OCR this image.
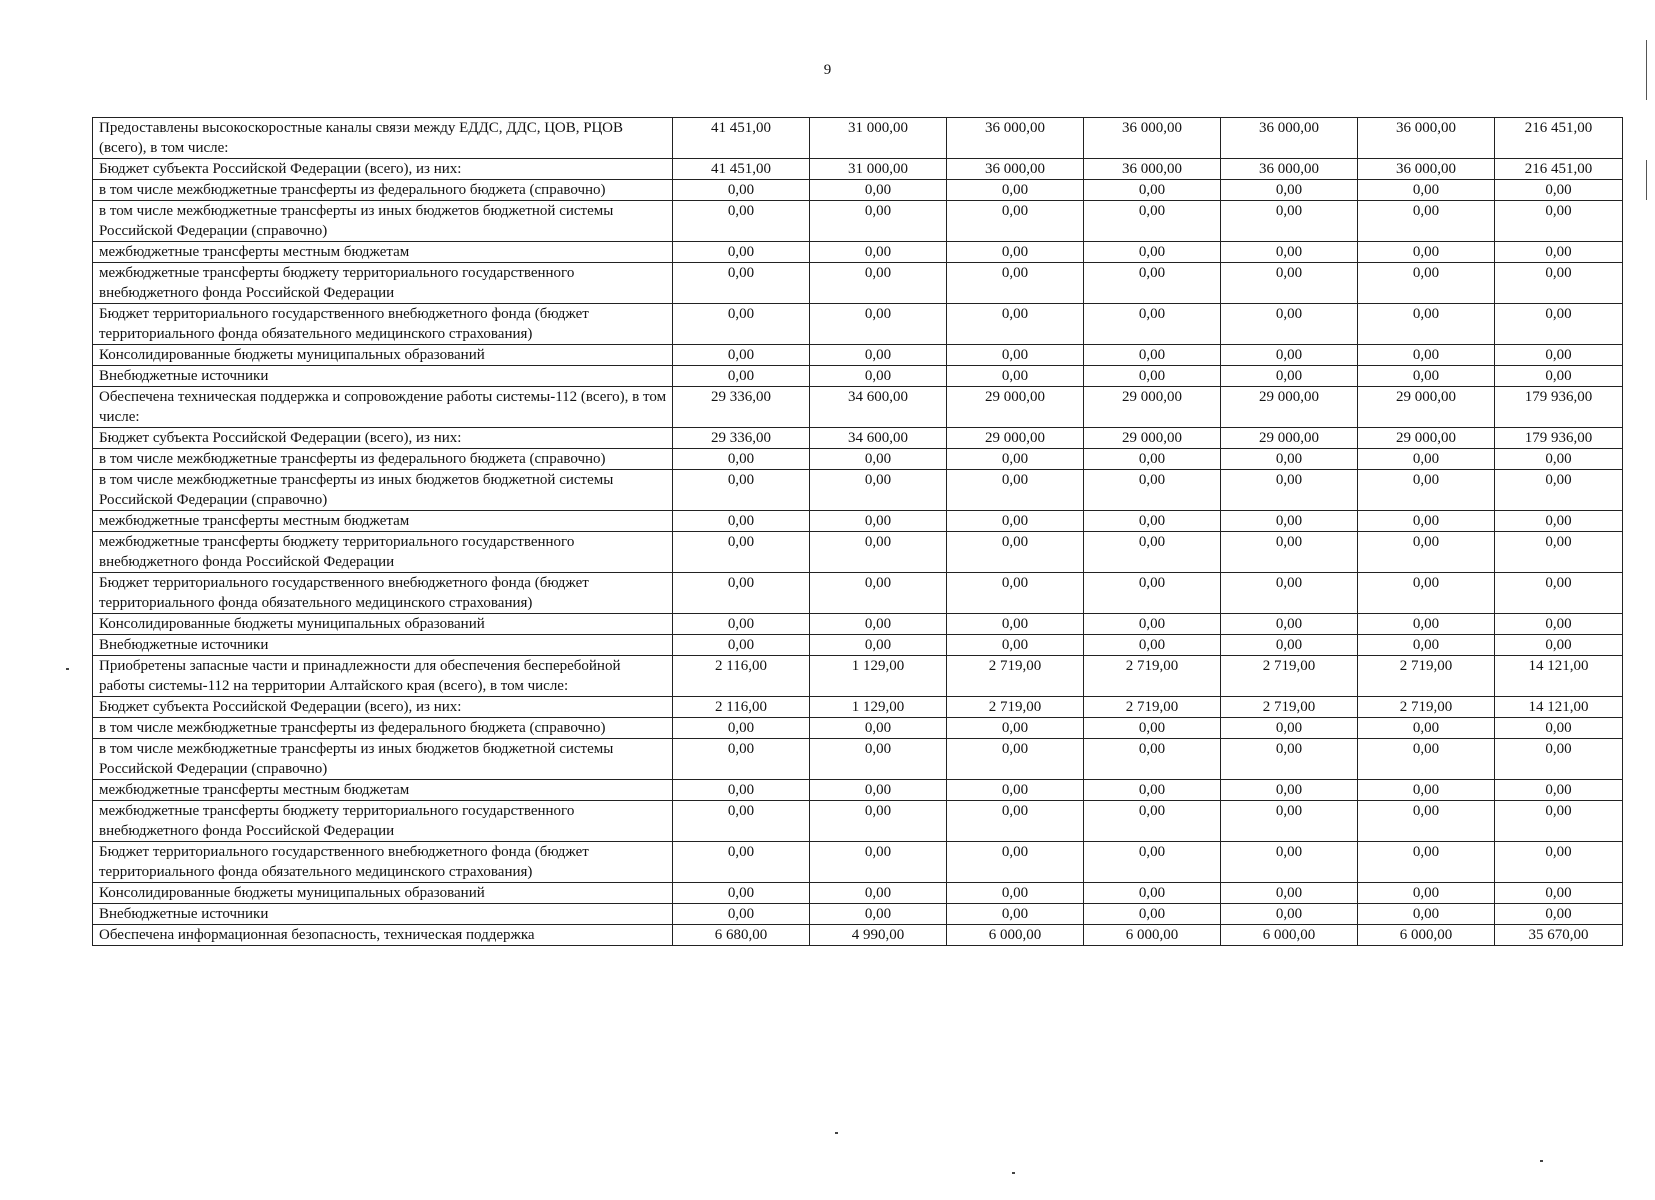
9
Предоставлены высокоскоростные каналы связи между ЕДДС, ДДС, ЦОВ, РЦОВ (всего), в том числе:	41 451,00	31 000,00	36 000,00	36 000,00	36 000,00	36 000,00	216 451,00
Бюджет субъекта Российской Федерации (всего), из них:	41 451,00	31 000,00	36 000,00	36 000,00	36 000,00	36 000,00	216 451,00
в том числе межбюджетные трансферты из федерального бюджета (справочно)	0,00	0,00	0,00	0,00	0,00	0,00	0,00
в том числе межбюджетные трансферты из иных бюджетов бюджетной системы Российской Федерации (справочно)	0,00	0,00	0,00	0,00	0,00	0,00	0,00
межбюджетные трансферты местным бюджетам	0,00	0,00	0,00	0,00	0,00	0,00	0,00
межбюджетные трансферты бюджету территориального государственного внебюджетного фонда Российской Федерации	0,00	0,00	0,00	0,00	0,00	0,00	0,00
Бюджет территориального государственного внебюджетного фонда (бюджет территориального фонда обязательного медицинского страхования)	0,00	0,00	0,00	0,00	0,00	0,00	0,00
Консолидированные бюджеты муниципальных образований	0,00	0,00	0,00	0,00	0,00	0,00	0,00
Внебюджетные источники	0,00	0,00	0,00	0,00	0,00	0,00	0,00
Обеспечена техническая поддержка и сопровождение работы системы-112 (всего), в том числе:	29 336,00	34 600,00	29 000,00	29 000,00	29 000,00	29 000,00	179 936,00
Бюджет субъекта Российской Федерации (всего), из них:	29 336,00	34 600,00	29 000,00	29 000,00	29 000,00	29 000,00	179 936,00
в том числе межбюджетные трансферты из федерального бюджета (справочно)	0,00	0,00	0,00	0,00	0,00	0,00	0,00
в том числе межбюджетные трансферты из иных бюджетов бюджетной системы Российской Федерации (справочно)	0,00	0,00	0,00	0,00	0,00	0,00	0,00
межбюджетные трансферты местным бюджетам	0,00	0,00	0,00	0,00	0,00	0,00	0,00
межбюджетные трансферты бюджету территориального государственного внебюджетного фонда Российской Федерации	0,00	0,00	0,00	0,00	0,00	0,00	0,00
Бюджет территориального государственного внебюджетного фонда (бюджет территориального фонда обязательного медицинского страхования)	0,00	0,00	0,00	0,00	0,00	0,00	0,00
Консолидированные бюджеты муниципальных образований	0,00	0,00	0,00	0,00	0,00	0,00	0,00
Внебюджетные источники	0,00	0,00	0,00	0,00	0,00	0,00	0,00
Приобретены запасные части и принадлежности для обеспечения бесперебойной работы системы-112 на территории Алтайского края (всего), в том числе:	2 116,00	1 129,00	2 719,00	2 719,00	2 719,00	2 719,00	14 121,00
Бюджет субъекта Российской Федерации (всего), из них:	2 116,00	1 129,00	2 719,00	2 719,00	2 719,00	2 719,00	14 121,00
в том числе межбюджетные трансферты из федерального бюджета (справочно)	0,00	0,00	0,00	0,00	0,00	0,00	0,00
в том числе межбюджетные трансферты из иных бюджетов бюджетной системы Российской Федерации (справочно)	0,00	0,00	0,00	0,00	0,00	0,00	0,00
межбюджетные трансферты местным бюджетам	0,00	0,00	0,00	0,00	0,00	0,00	0,00
межбюджетные трансферты бюджету территориального государственного внебюджетного фонда Российской Федерации	0,00	0,00	0,00	0,00	0,00	0,00	0,00
Бюджет территориального государственного внебюджетного фонда (бюджет территориального фонда обязательного медицинского страхования)	0,00	0,00	0,00	0,00	0,00	0,00	0,00
Консолидированные бюджеты муниципальных образований	0,00	0,00	0,00	0,00	0,00	0,00	0,00
Внебюджетные источники	0,00	0,00	0,00	0,00	0,00	0,00	0,00
Обеспечена информационная безопасность, техническая поддержка	6 680,00	4 990,00	6 000,00	6 000,00	6 000,00	6 000,00	35 670,00
